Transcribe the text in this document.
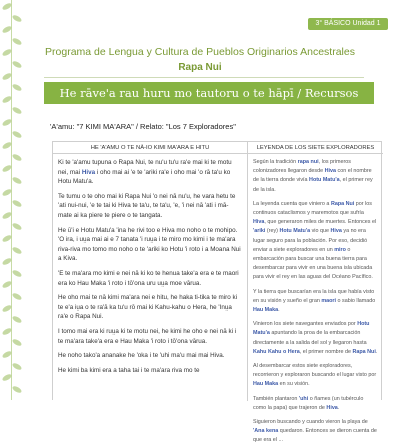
3° BÁSICO Unidad 1
Programa de Lengua y Cultura de Pueblos Originarios Ancestrales
Rapa Nui
He rāve'a rau huru mo tautoru o te hāpī / Recursos
'A'amu: "7 KIMI MA'ARA" / Relato: "Los 7 Exploradores"
HE 'A'AMU O TE NĀ-IO KIMI MA'ARA E HITU

Ki te 'a'amu tupuna o Rapa Nui, te nu'u tu'u ra'e mai ki te motu nei, mai Hiva i oho mai ai 'e te 'ariki ra'e i oho mai 'o rā ta'u ko Hotu Matu'a.

Te tumu o te oho mai ki Rapa Nui 'o nei nā nu'u, he vara hetu te 'ati nui-nui, 'e te tai ki Hiva te ta'u, te ta'u, 'e, 'i nei nā 'ati i mā-mate ai ka piere te piere o te tangata.

He ū'i e Hotu Matu'a 'ina he rivi too e Hiva mo noho o te mohipo. 'O ira, i uṳa mai ai e 7 tanata 'i ruṳa i te miro mo kimi i te ma'ara riva-riva mo tomo mo noho o te 'ariki ko Hotu 'i roto i a Moana Nui a Kiva.

'E te ma'ara mo kimi e nei nā ki ko te henua take'a era e te maori era ko Hau Maka 'i roto i tō'ona uru uṳa moe vārua.

He oho mai te nā kimi ma'ara nei e hitu, he haka ti-tika te miro ki te e'a iṳa o te ra'ā ka tu'u rō mai ki Kahu-kahu o Hera, he 'Inṳa ra'e o Rapa Nui.

I tomo mai era ki ruṳa ki te motu nei, he kimi he oho e nei nā ki i te ma'ara take'a era e Hau Maka 'i roto i tō'ona vārua.

He noho tako'a ananake he 'oka i te 'uhi ma'u mai mai Hiva.

He kimi ba kimi era a taha tai i te ma'ara riva mo te

LEYENDA DE LOS SIETE EXPLORADORES

Según la tradición rapa nui, los primeros colonizadores llegaron desde Hiva con el nombre de la tierra donde vivía Hotu Matu'a, el primer rey de la isla.

La leyenda cuenta que viniero a Rapa Nui por los continuos cataclismos y maremotos que sufría Hiva, que generaron miles de muertes. Entonces el 'ariki (rey) Hotu Matu'a vio que Hiva ya no era lugar seguro para la población. Por eso, decidió enviar a siete exploradores en un miro o embarcación para buscar una buena tierra para desembarcar para vivir en una buena isla ubicada para vivir el rey en las aguas del Océano Pacífico.

Y la tierra que buscarían era la isla que había visto en su visión y sueño el gran maori o sabio llamado Hau Maka.

Vinieron los siete navegantes enviados por Hotu Matu'a apuntando la proa de la embarcación directamente a la salida del sol y llegaron hasta Kahu Kahu o Hera, el primer nombre de Rapa Nui.

Al desembarcar estos siete exploradores, recorrieron y exploraron buscando el lugar visto por Hau Maka en su visión.

También plantaron 'uhi o ñames (un tubérculo como la papa) que trajeron de Hiva.

Siguieron buscando y cuando vieron la playa de 'Ana kena quedaron. Entonces se dieron cuenta de que era el ...
